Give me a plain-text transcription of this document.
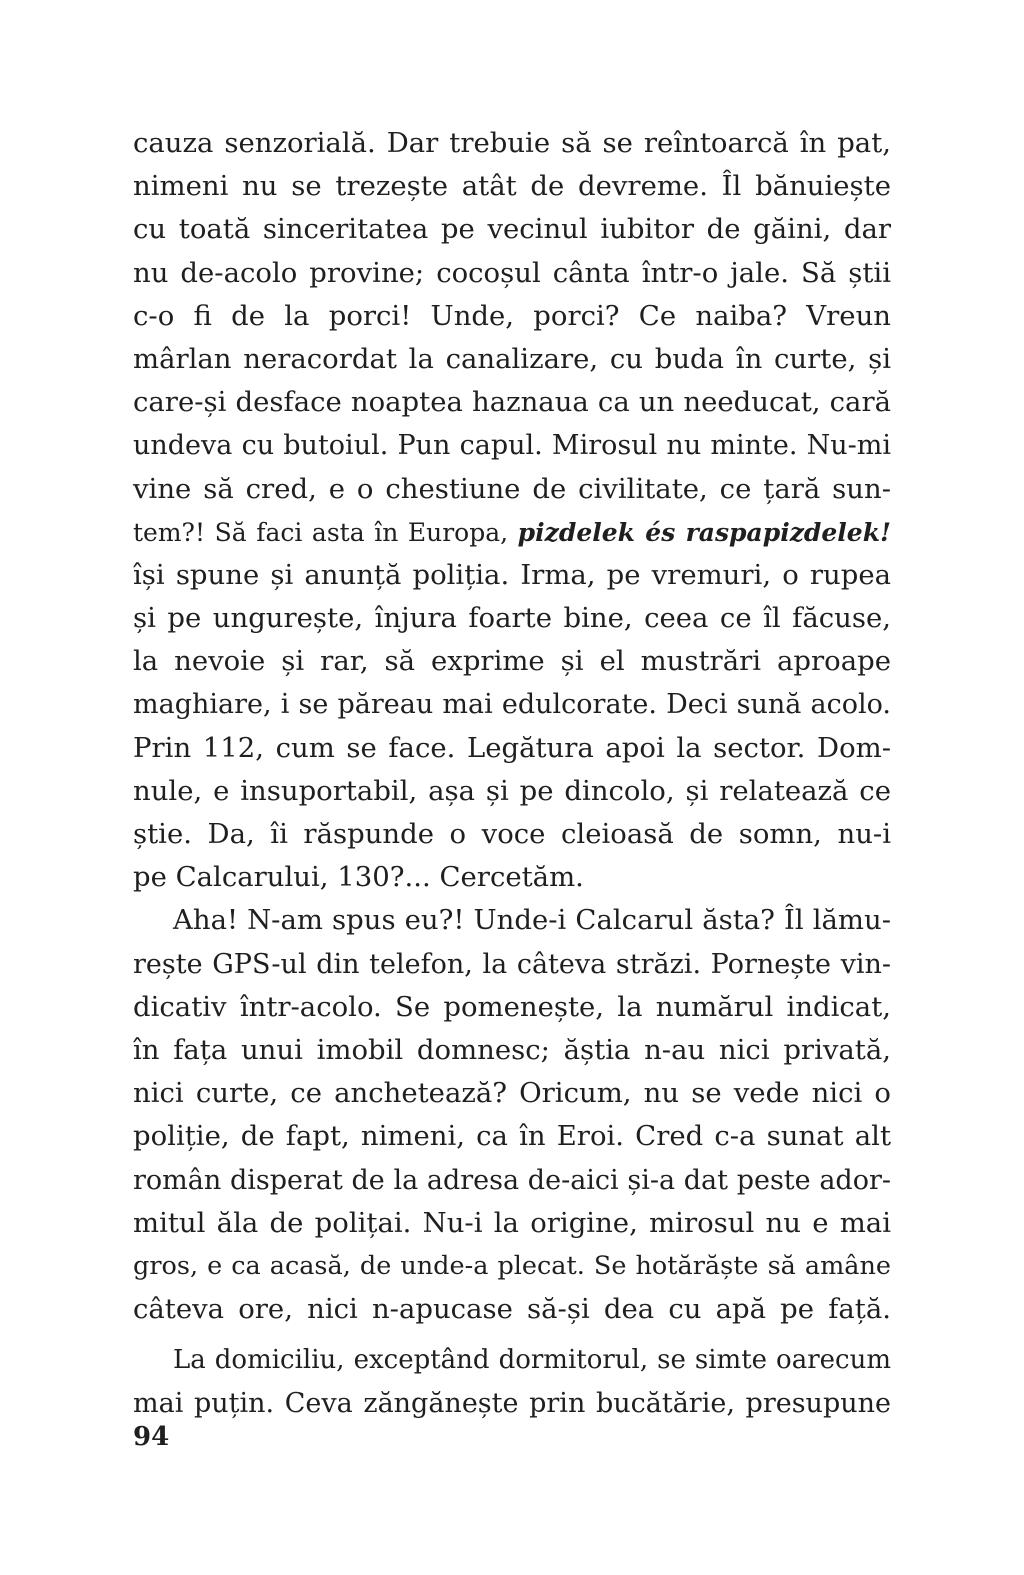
cauza senzorială. Dar trebuie să se reîntoarcă în pat,
nimeni nu se trezește atât de devreme. Îl bănuiește
cu toată sinceritatea pe vecinul iubitor de găini, dar
nu de-acolo provine; cocoșul cânta într-o jale. Să știi
c-o fi de la porci! Unde, porci? Ce naiba? Vreun
mârlan neracordat la canalizare, cu buda în curte, și
care-și desface noaptea haznaua ca un needucat, cară
undeva cu butoiul. Pun capul. Mirosul nu minte. Nu-mi
vine să cred, e o chestiune de civilitate, ce țară sun-
tem?! Să faci asta în Europa, pizdelek és raspapizdelek!
își spune și anunță poliția. Irma, pe vremuri, o rupea
și pe ungurește, înjura foarte bine, ceea ce îl făcuse,
la nevoie și rar, să exprime și el mustrări aproape
maghiare, i se păreau mai edulcorate. Deci sună acolo.
Prin 112, cum se face. Legătura apoi la sector. Dom-
nule, e insuportabil, așa și pe dincolo, și relatează ce
știe. Da, îi răspunde o voce cleioasă de somn, nu-i
pe Calcarului, 130?... Cercetăm.
Aha! N-am spus eu?! Unde-i Calcarul ăsta? Îl lămu-
rește GPS-ul din telefon, la câteva străzi. Pornește vin-
dicativ într-acolo. Se pomenește, la numărul indicat,
în fața unui imobil domnesc; ăștia n-au nici privată,
nici curte, ce anchetează? Oricum, nu se vede nici o
poliție, de fapt, nimeni, ca în Eroi. Cred c-a sunat alt
român disperat de la adresa de-aici și-a dat peste ador-
mitul ăla de polițai. Nu-i la origine, mirosul nu e mai
gros, e ca acasă, de unde-a plecat. Se hotărăște să amâne
câteva ore, nici n-apucase să-și dea cu apă pe față.
La domiciliu, exceptând dormitorul, se simte oarecum
mai puțin. Ceva zăngănește prin bucătărie, presupune
94
